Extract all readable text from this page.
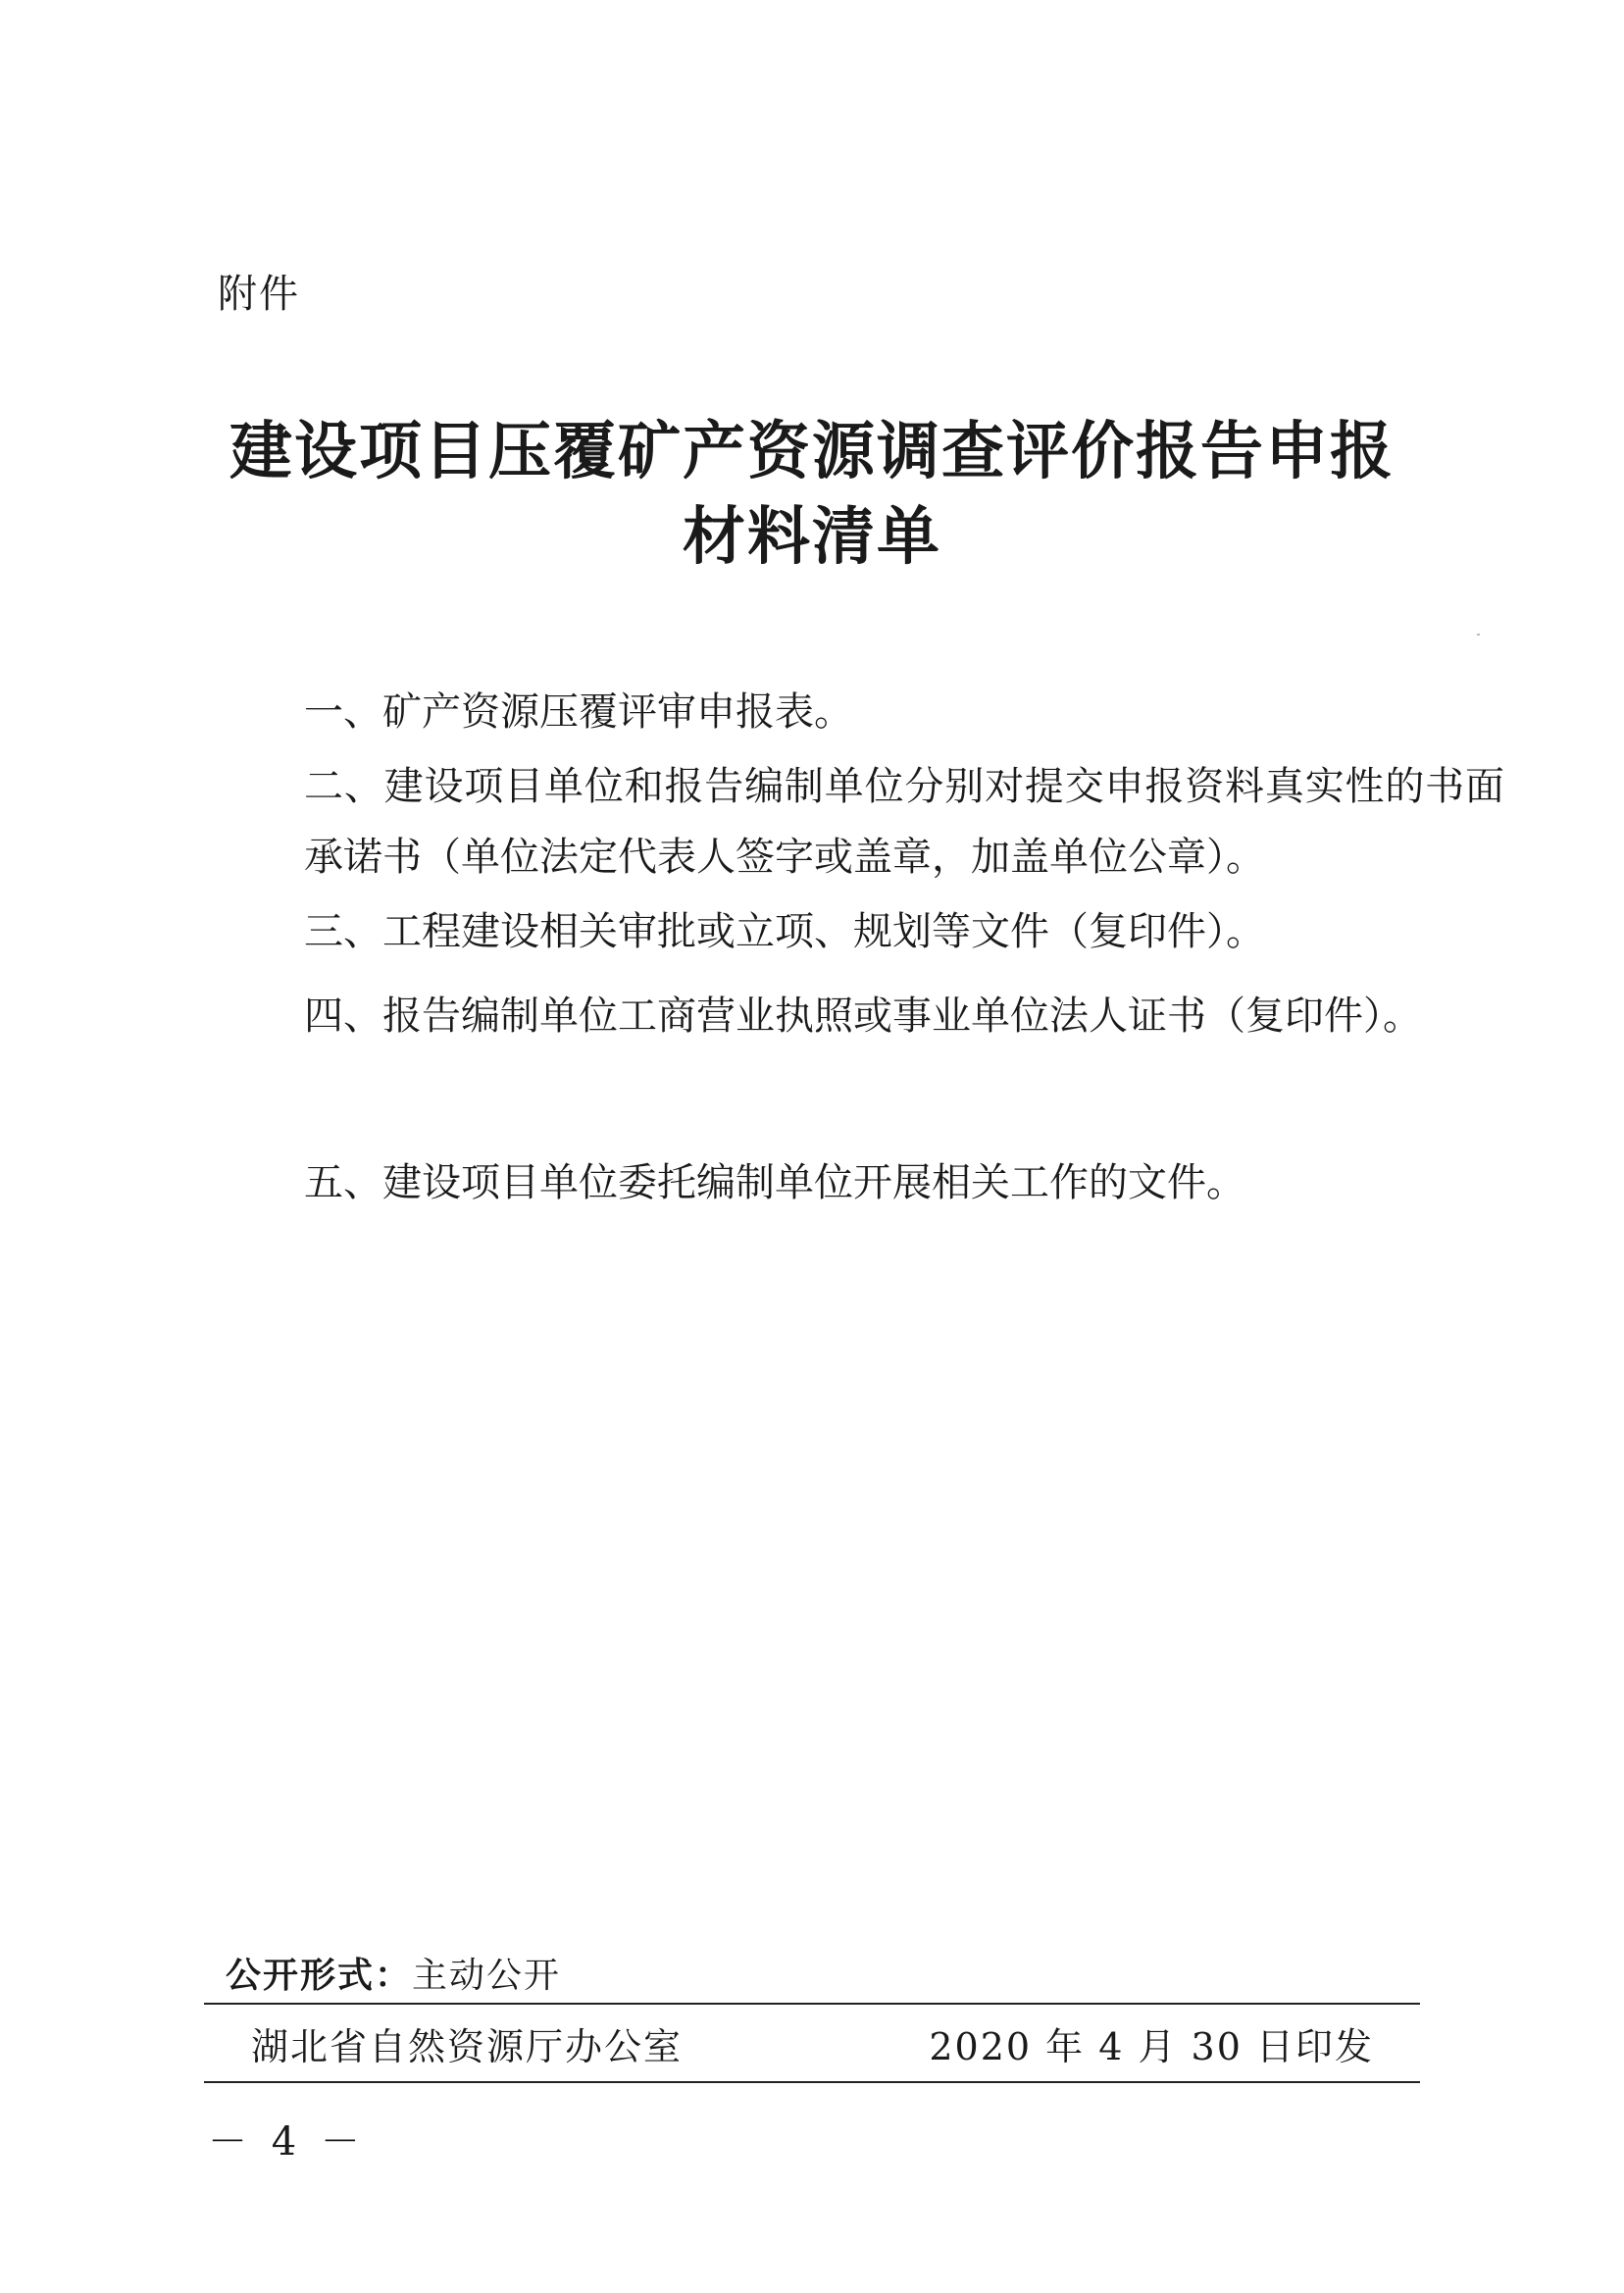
附件
建设项目压覆矿产资源调查评价报告申报
材料清单
一、矿产资源压覆评审申报表。
二、建设项目单位和报告编制单位分别对提交申报资料真实性的书面承诺书（单位法定代表人签字或盖章，加盖单位公章）。
三、工程建设相关审批或立项、规划等文件（复印件）。
四、报告编制单位工商营业执照或事业单位法人证书（复印件）。
五、建设项目单位委托编制单位开展相关工作的文件。
公开形式：主动公开
湖北省自然资源厅办公室	2020 年 4 月 30 日印发
－ 4 －
